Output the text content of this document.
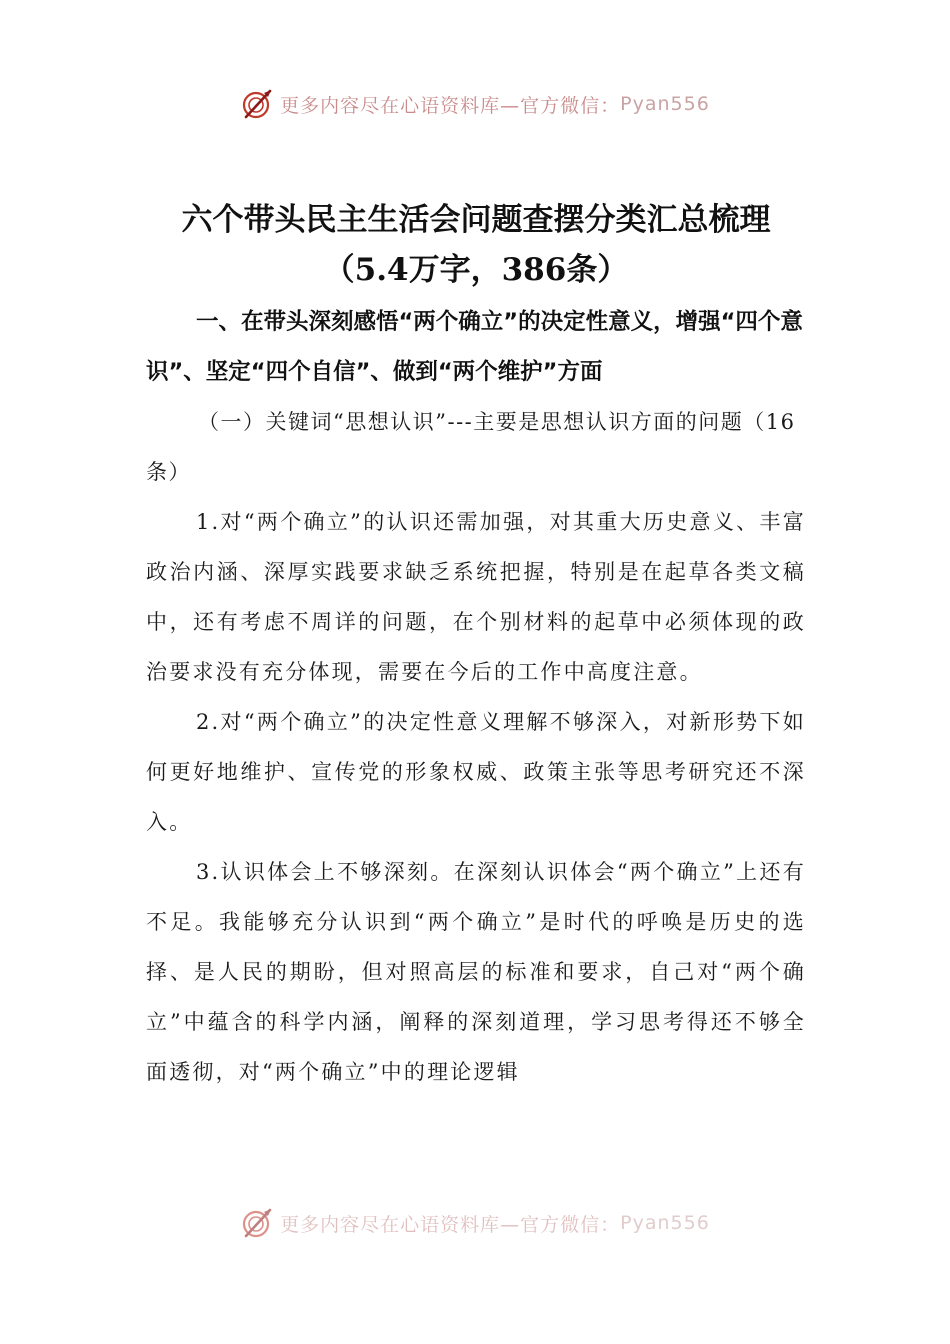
更多内容尽在心语资料库—官方微信： Pyan556
六个带头民主生活会问题查摆分类汇总梳理（5.4万字，386条）

一、在带头深刻感悟“两个确立”的决定性意义，增强“四个意识”、坚定“四个自信”、做到“两个维护”方面

（一）关键词“思想认识”---主要是思想认识方面的问题（16条）

1.对“两个确立”的认识还需加强，对其重大历史意义、丰富政治内涵、深厚实践要求缺乏系统把握，特别是在起草各类文稿中，还有考虑不周详的问题，在个别材料的起草中必须体现的政治要求没有充分体现，需要在今后的工作中高度注意。

2.对“两个确立”的决定性意义理解不够深入，对新形势下如何更好地维护、宣传党的形象权威、政策主张等思考研究还不深入。

3.认识体会上不够深刻。在深刻认识体会“两个确立”上还有不足。我能够充分认识到“两个确立”是时代的呼唤是历史的选择、是人民的期盼，但对照高层的标准和要求，自己对“两个确立”中蕴含的科学内涵，阐释的深刻道理，学习思考得还不够全面透彻，对“两个确立”中的理论逻辑

更多内容尽在心语资料库—官方微信： Pyan556
